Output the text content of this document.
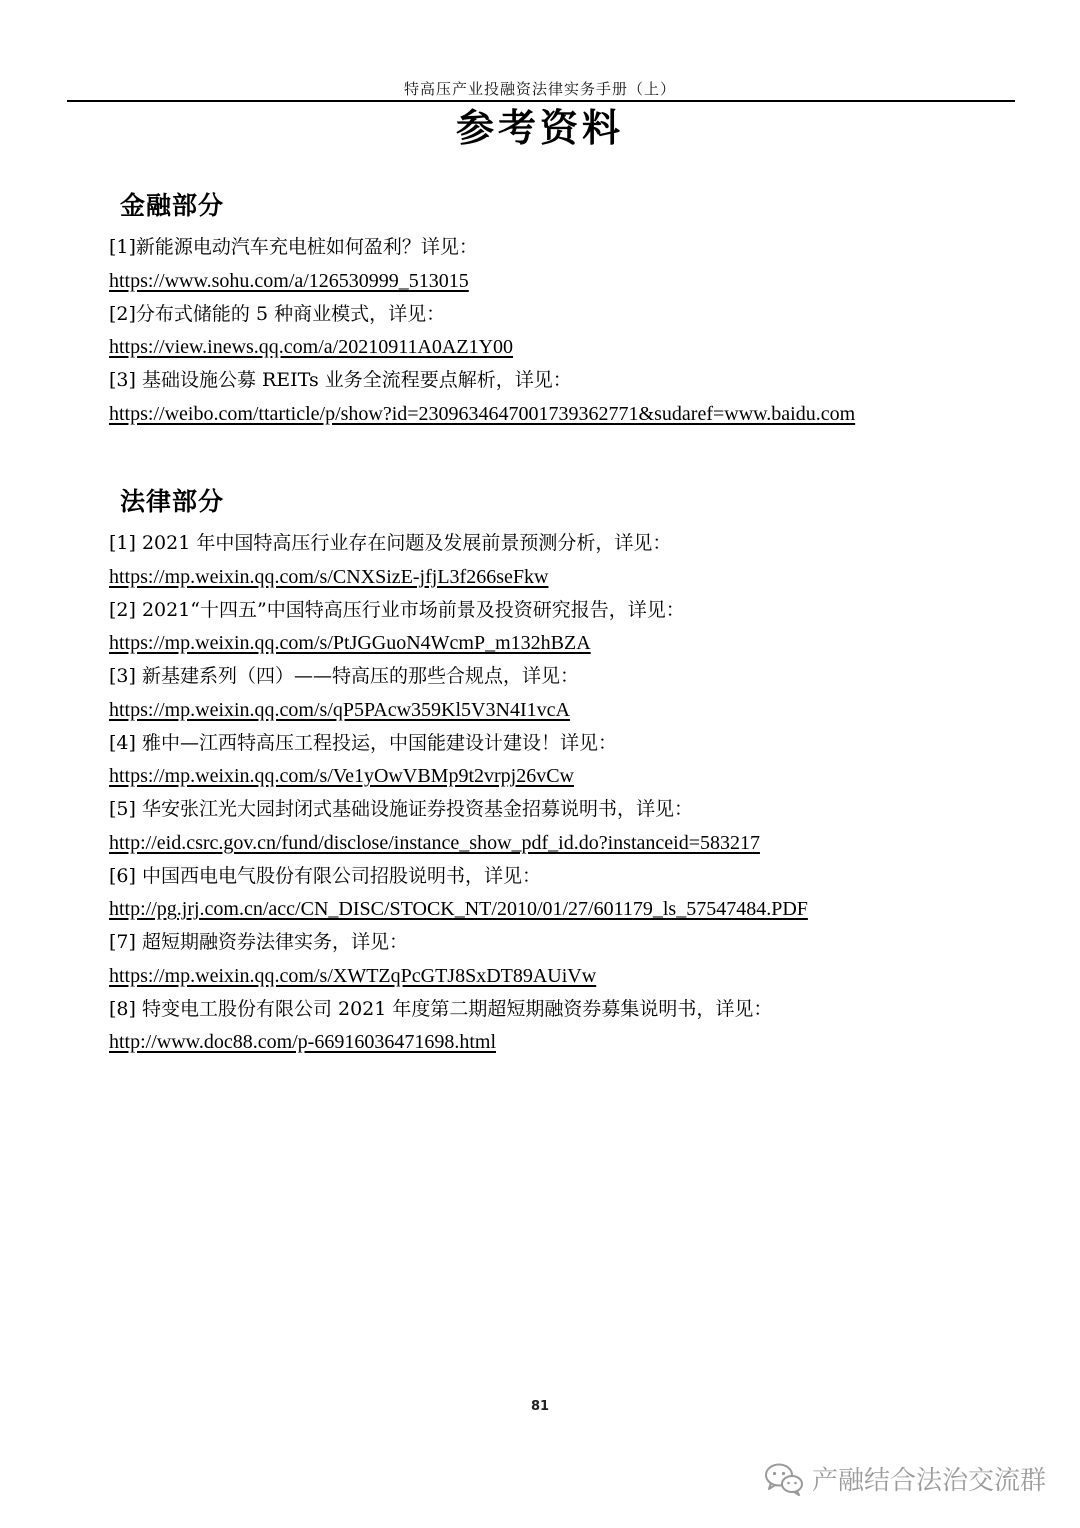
特高压产业投融资法律实务手册（上）
参考资料
金融部分
[1]新能源电动汽车充电桩如何盈利？详见：
https://www.sohu.com/a/126530999_513015
[2]分布式储能的 5 种商业模式，详见：
https://view.inews.qq.com/a/20210911A0AZ1Y00
[3] 基础设施公募 REITs 业务全流程要点解析，详见：
https://weibo.com/ttarticle/p/show?id=2309634647001739362771&sudaref=www.baidu.com
法律部分
[1] 2021 年中国特高压行业存在问题及发展前景预测分析，详见：
https://mp.weixin.qq.com/s/CNXSizE-jfjL3f266seFkw
[2] 2021“十四五”中国特高压行业市场前景及投资研究报告，详见：
https://mp.weixin.qq.com/s/PtJGGuoN4WcmP_m132hBZA
[3] 新基建系列（四）——特高压的那些合规点，详见：
https://mp.weixin.qq.com/s/qP5PAcw359Kl5V3N4I1vcA
[4] 雅中—江西特高压工程投运，中国能建设计建设！详见：
https://mp.weixin.qq.com/s/Ve1yOwVBMp9t2vrpj26vCw
[5] 华安张江光大园封闭式基础设施证券投资基金招募说明书，详见：
http://eid.csrc.gov.cn/fund/disclose/instance_show_pdf_id.do?instanceid=583217
[6] 中国西电电气股份有限公司招股说明书，详见：
http://pg.jrj.com.cn/acc/CN_DISC/STOCK_NT/2010/01/27/601179_ls_57547484.PDF
[7] 超短期融资券法律实务，详见：
https://mp.weixin.qq.com/s/XWTZqPcGTJ8SxDT89AUiVw
[8] 特变电工股份有限公司 2021 年度第二期超短期融资券募集说明书，详见：
http://www.doc88.com/p-66916036471698.html
81
产融结合法治交流群
